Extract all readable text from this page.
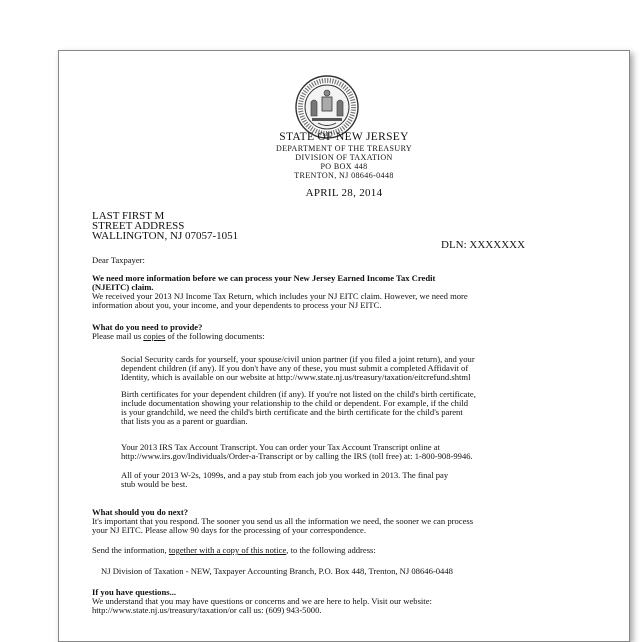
STATE OF NEW JERSEY
DEPARTMENT OF THE TREASURY
DIVISION OF TAXATION
PO BOX 448
TRENTON, NJ 08646-0448
APRIL 28, 2014
LAST FIRST M
STREET ADDRESS
WALLINGTON, NJ 07057-1051
DLN: XXXXXXX
Dear Taxpayer:
We need more information before we can process your New Jersey Earned Income Tax Credit
(NJEITC) claim.
We received your 2013 NJ Income Tax Return, which includes your NJ EITC claim. However, we need more
information about you, your income, and your dependents to process your NJ EITC.
What do you need to provide?
Please mail us copies of the following documents:
Social Security cards for yourself, your spouse/civil union partner (if you filed a joint return), and your
dependent children (if any). If you don't have any of these, you must submit a completed Affidavit of
Identity, which is available on our website at http://www.state.nj.us/treasury/taxation/eitcrefund.shtml
Birth certificates for your dependent children (if any). If you're not listed on the child's birth certificate,
include documentation showing your relationship to the child or dependent. For example, if the child
is your grandchild, we need the child's birth certificate and the birth certificate for the child's parent
that lists you as a parent or guardian.
Your 2013 IRS Tax Account Transcript. You can order your Tax Account Transcript online at
http://www.irs.gov/Individuals/Order-a-Transcript or by calling the IRS (toll free) at: 1-800-908-9946.
All of your 2013 W-2s, 1099s, and a pay stub from each job you worked in 2013. The final pay
stub would be best.
What should you do next?
It's important that you respond. The sooner you send us all the information we need, the sooner we can process
your NJ EITC. Please allow 90 days for the processing of your correspondence.
Send the information, together with a copy of this notice, to the following address:
NJ Division of Taxation - NEW, Taxpayer Accounting Branch, P.O. Box 448, Trenton, NJ 08646-0448
If you have questions...
We understand that you may have questions or concerns and we are here to help. Visit our website:
http://www.state.nj.us/treasury/taxation/or call us: (609) 943-5000.
